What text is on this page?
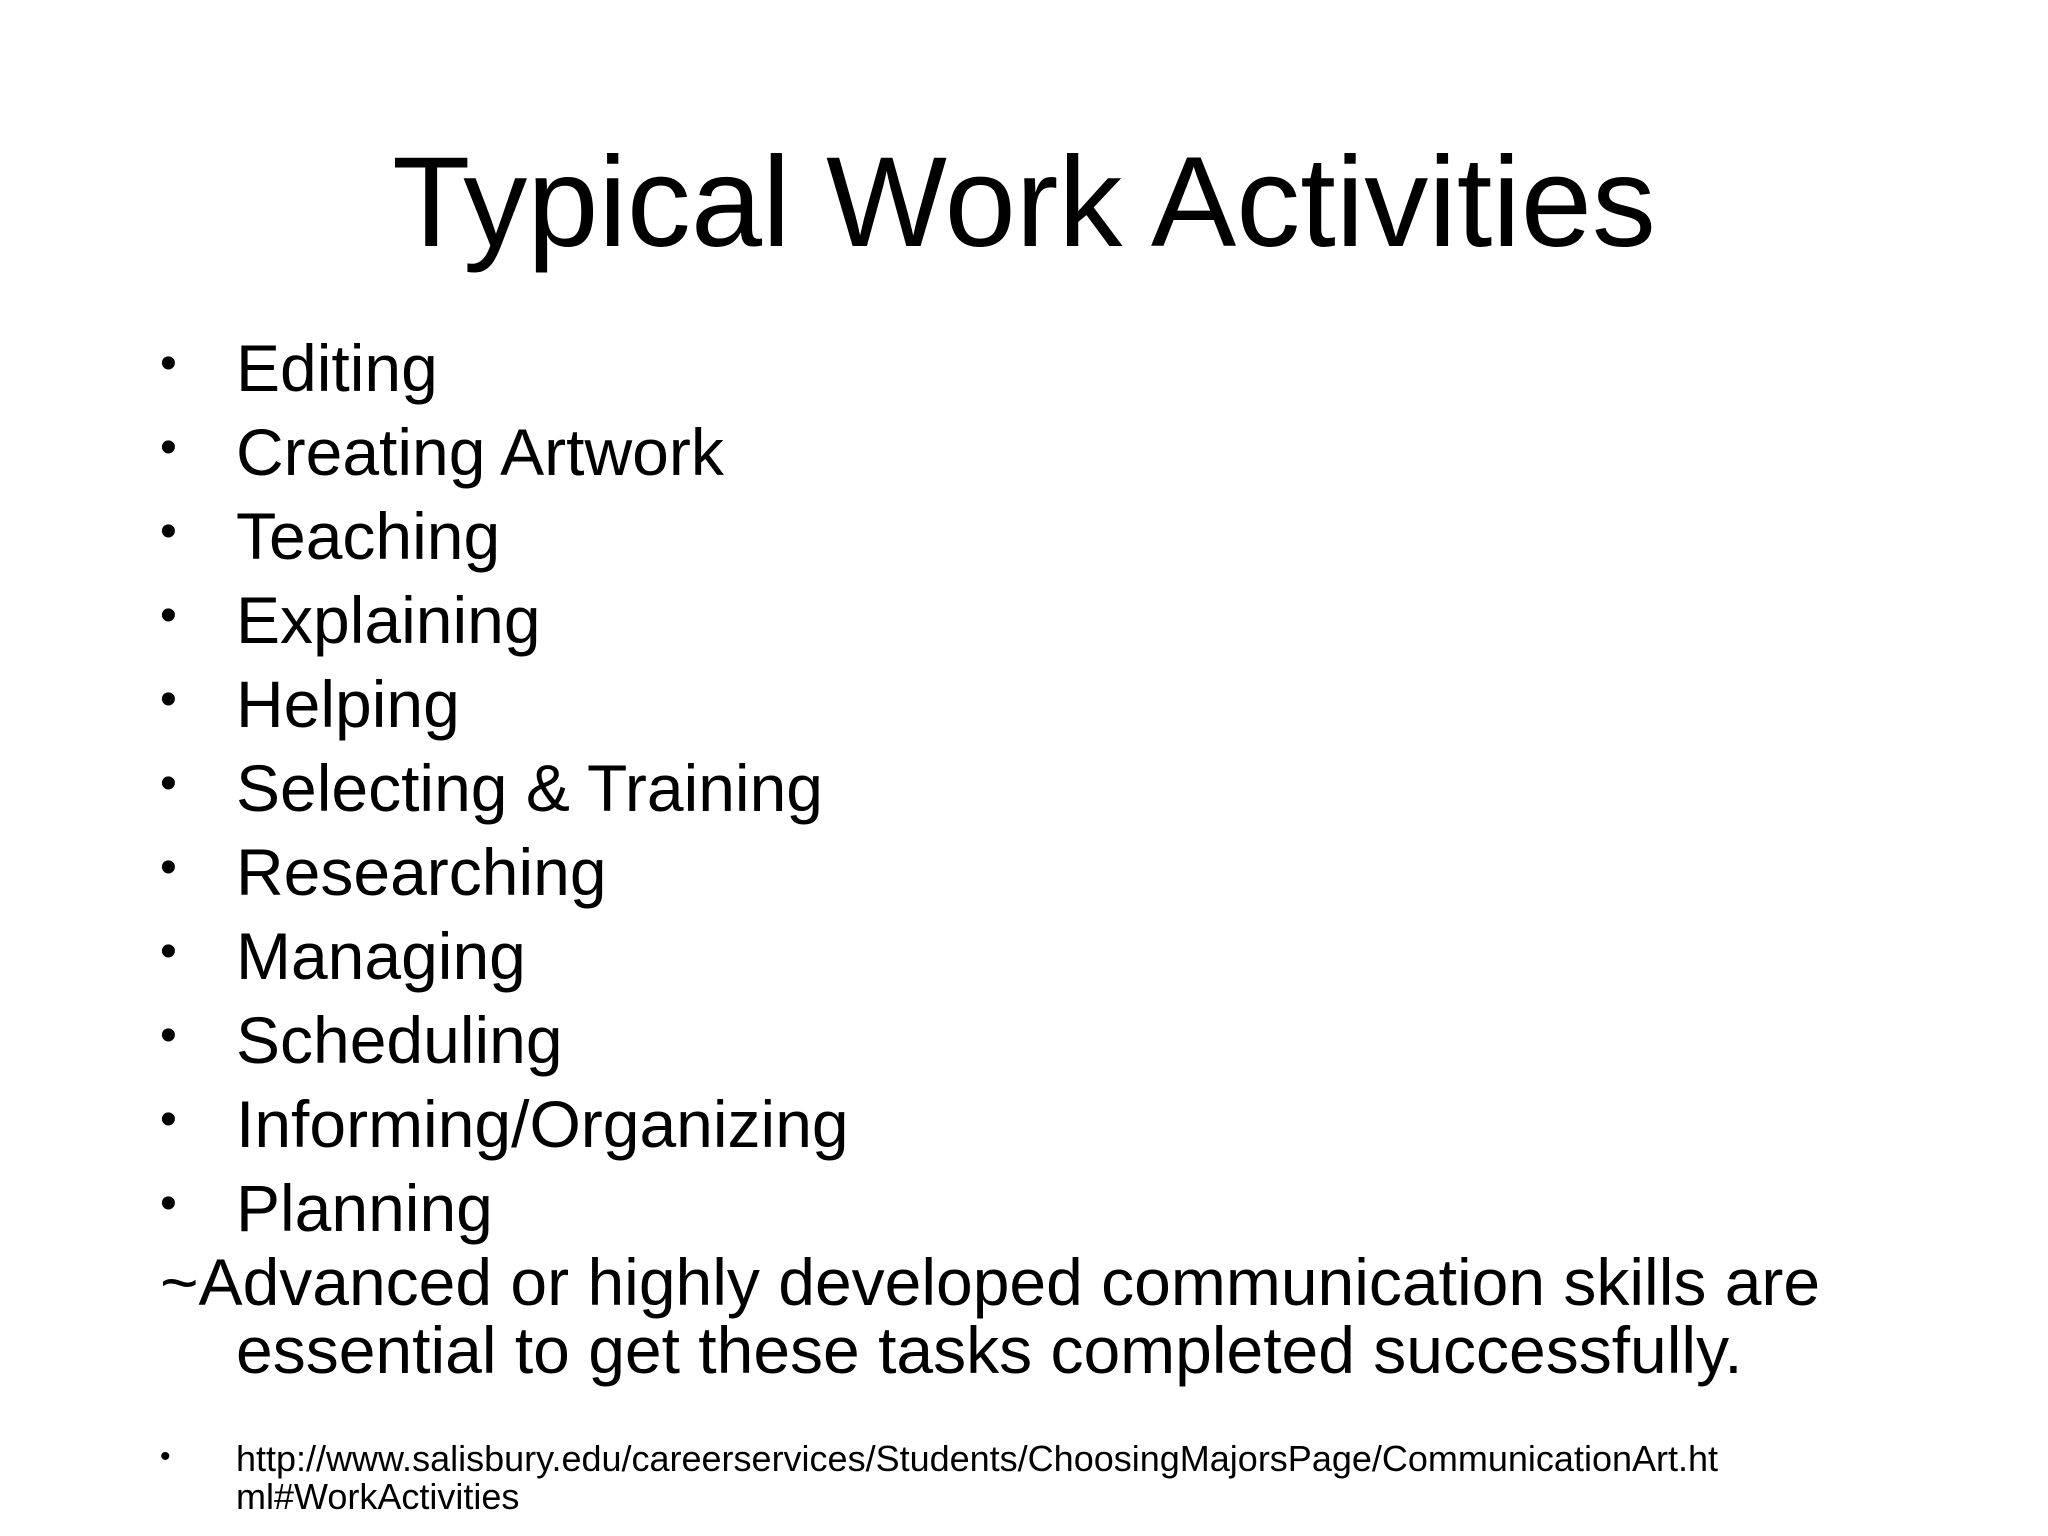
Typical Work Activities
• Editing
• Creating Artwork
• Teaching
• Explaining
• Helping
• Selecting & Training
• Researching
• Managing
• Scheduling
• Informing/Organizing
• Planning

~Advanced or highly developed communication skills are
essential to get these tasks completed successfully.

• http://www.salisbury.edu/careerservices/Students/ChoosingMajorsPage/CommunicationArt.ht
ml#WorkActivities
